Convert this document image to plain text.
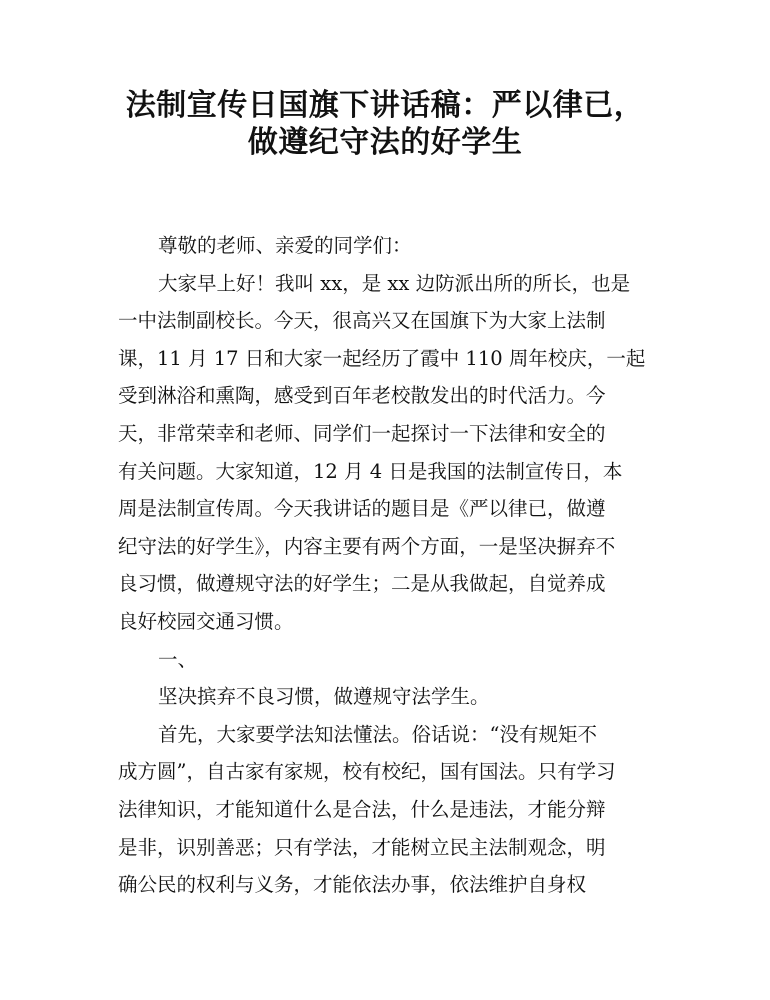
法制宣传日国旗下讲话稿：严以律已，
做遵纪守法的好学生
尊敬的老师、亲爱的同学们：
大家早上好！我叫 xx，是 xx 边防派出所的所长，也是
一中法制副校长。今天，很高兴又在国旗下为大家上法制
课，11 月 17 日和大家一起经历了霞中 110 周年校庆，一起
受到淋浴和熏陶，感受到百年老校散发出的时代活力。今
天，非常荣幸和老师、同学们一起探讨一下法律和安全的
有关问题。大家知道，12 月 4 日是我国的法制宣传日，本
周是法制宣传周。今天我讲话的题目是《严以律已，做遵
纪守法的好学生》，内容主要有两个方面，一是坚决摒弃不
良习惯，做遵规守法的好学生；二是从我做起，自觉养成
良好校园交通习惯。
一、
坚决摈弃不良习惯，做遵规守法学生。
首先，大家要学法知法懂法。俗话说：“没有规矩不
成方圆”，自古家有家规，校有校纪，国有国法。只有学习
法律知识，才能知道什么是合法，什么是违法，才能分辩
是非，识别善恶；只有学法，才能树立民主法制观念，明
确公民的权利与义务，才能依法办事，依法维护自身权
